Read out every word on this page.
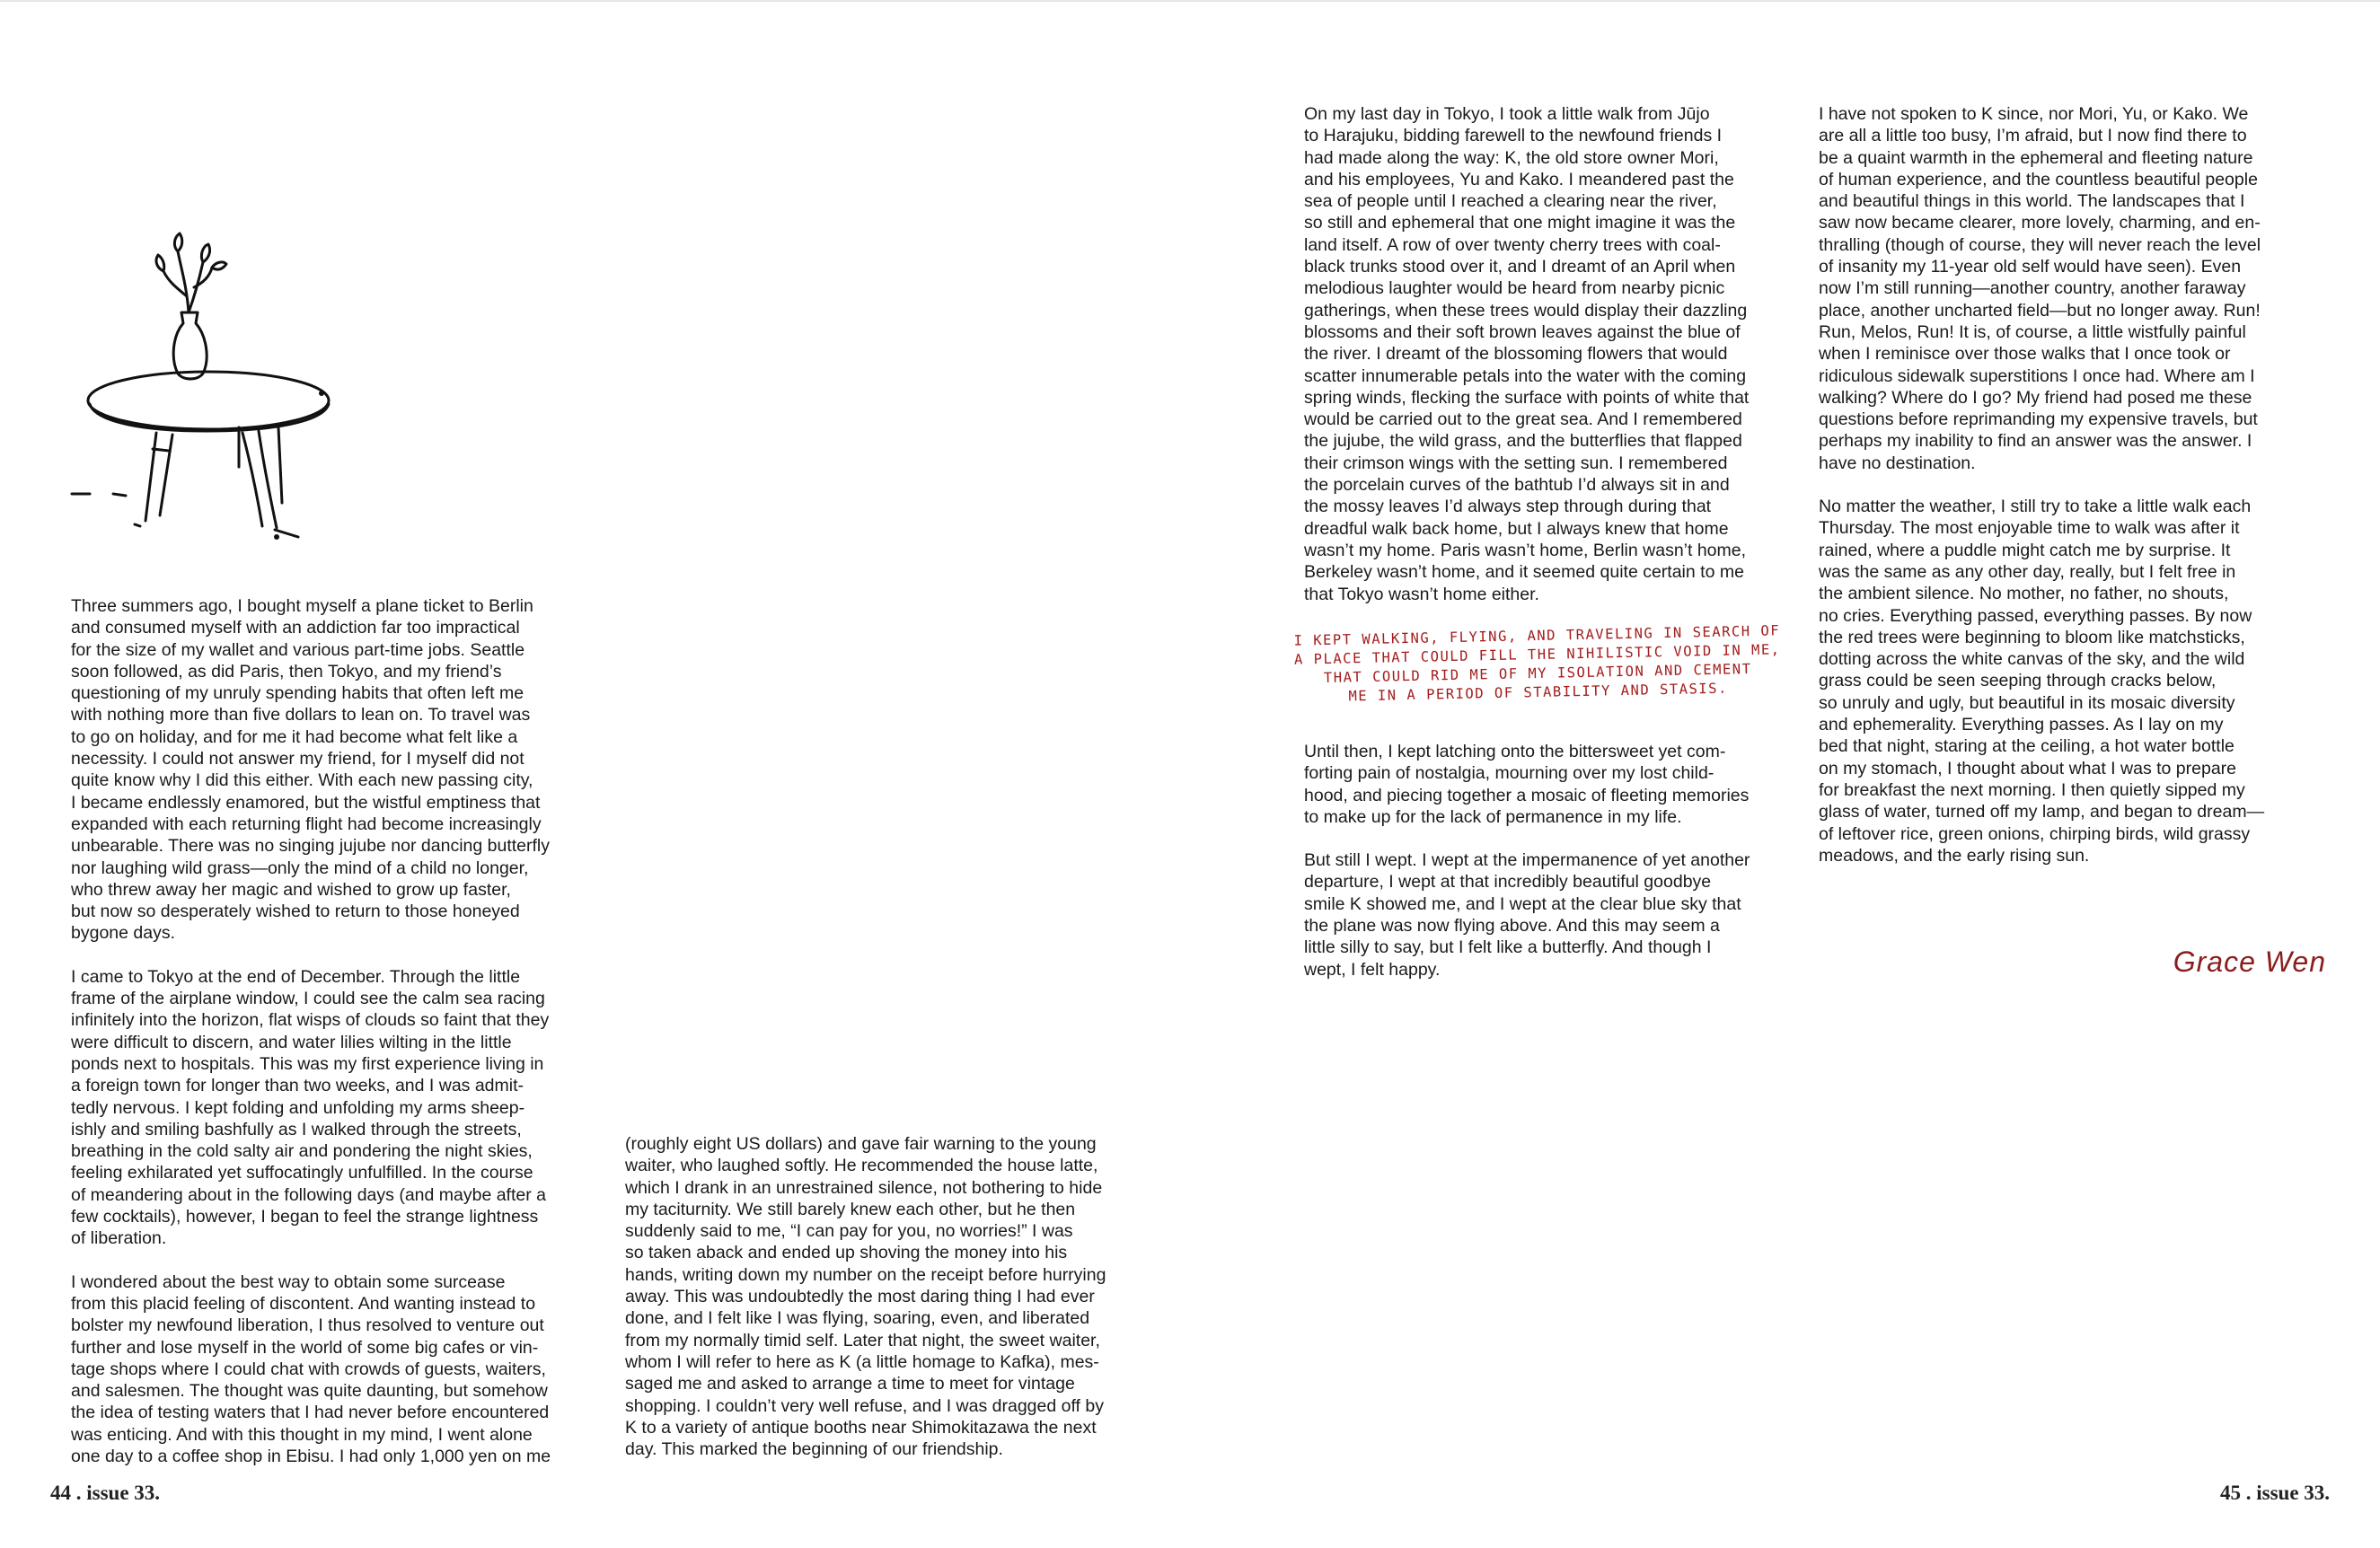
Three summers ago, I bought myself a plane ticket to Berlin
and consumed myself with an addiction far too impractical
for the size of my wallet and various part-time jobs. Seattle
soon followed, as did Paris, then Tokyo, and my friend’s
questioning of my unruly spending habits that often left me
with nothing more than five dollars to lean on. To travel was
to go on holiday, and for me it had become what felt like a
necessity. I could not answer my friend, for I myself did not
quite know why I did this either. With each new passing city,
I became endlessly enamored, but the wistful emptiness that
expanded with each returning flight had become increasingly
unbearable. There was no singing jujube nor dancing butterfly
nor laughing wild grass—only the mind of a child no longer,
who threw away her magic and wished to grow up faster,
but now so desperately wished to return to those honeyed
bygone days.

I came to Tokyo at the end of December. Through the little
frame of the airplane window, I could see the calm sea racing
infinitely into the horizon, flat wisps of clouds so faint that they
were difficult to discern, and water lilies wilting in the little
ponds next to hospitals. This was my first experience living in
a foreign town for longer than two weeks, and I was admit-
tedly nervous. I kept folding and unfolding my arms sheep-
ishly and smiling bashfully as I walked through the streets,
breathing in the cold salty air and pondering the night skies,
feeling exhilarated yet suffocatingly unfulfilled. In the course
of meandering about in the following days (and maybe after a
few cocktails), however, I began to feel the strange lightness
of liberation.

I wondered about the best way to obtain some surcease
from this placid feeling of discontent. And wanting instead to
bolster my newfound liberation, I thus resolved to venture out
further and lose myself in the world of some big cafes or vin-
tage shops where I could chat with crowds of guests, waiters,
and salesmen. The thought was quite daunting, but somehow
the idea of testing waters that I had never before encountered
was enticing. And with this thought in my mind, I went alone
one day to a coffee shop in Ebisu. I had only 1,000 yen on me

(roughly eight US dollars) and gave fair warning to the young
waiter, who laughed softly. He recommended the house latte,
which I drank in an unrestrained silence, not bothering to hide
my taciturnity. We still barely knew each other, but he then
suddenly said to me, “I can pay for you, no worries!” I was
so taken aback and ended up shoving the money into his
hands, writing down my number on the receipt before hurrying
away. This was undoubtedly the most daring thing I had ever
done, and I felt like I was flying, soaring, even, and liberated
from my normally timid self. Later that night, the sweet waiter,
whom I will refer to here as K (a little homage to Kafka), mes-
saged me and asked to arrange a time to meet for vintage
shopping. I couldn’t very well refuse, and I was dragged off by
K to a variety of antique booths near Shimokitazawa the next
day. This marked the beginning of our friendship.

On my last day in Tokyo, I took a little walk from Jūjo
to Harajuku, bidding farewell to the newfound friends I
had made along the way: K, the old store owner Mori,
and his employees, Yu and Kako. I meandered past the
sea of people until I reached a clearing near the river,
so still and ephemeral that one might imagine it was the
land itself. A row of over twenty cherry trees with coal-
black trunks stood over it, and I dreamt of an April when
melodious laughter would be heard from nearby picnic
gatherings, when these trees would display their dazzling
blossoms and their soft brown leaves against the blue of
the river. I dreamt of the blossoming flowers that would
scatter innumerable petals into the water with the coming
spring winds, flecking the surface with points of white that
would be carried out to the great sea. And I remembered
the jujube, the wild grass, and the butterflies that flapped
their crimson wings with the setting sun. I remembered
the porcelain curves of the bathtub I’d always sit in and
the mossy leaves I’d always step through during that
dreadful walk back home, but I always knew that home
wasn’t my home. Paris wasn’t home, Berlin wasn’t home,
Berkeley wasn’t home, and it seemed quite certain to me
that Tokyo wasn’t home either.

I KEPT WALKING, FLYING, AND TRAVELING IN SEARCH OF
A PLACE THAT COULD FILL THE NIHILISTIC VOID IN ME,
THAT COULD RID ME OF MY ISOLATION AND CEMENT
ME IN A PERIOD OF STABILITY AND STASIS.

Until then, I kept latching onto the bittersweet yet com-
forting pain of nostalgia, mourning over my lost child-
hood, and piecing together a mosaic of fleeting memories
to make up for the lack of permanence in my life.

But still I wept. I wept at the impermanence of yet another
departure, I wept at that incredibly beautiful goodbye
smile K showed me, and I wept at the clear blue sky that
the plane was now flying above. And this may seem a
little silly to say, but I felt like a butterfly. And though I
wept, I felt happy.

I have not spoken to K since, nor Mori, Yu, or Kako. We
are all a little too busy, I’m afraid, but I now find there to
be a quaint warmth in the ephemeral and fleeting nature
of human experience, and the countless beautiful people
and beautiful things in this world. The landscapes that I
saw now became clearer, more lovely, charming, and en-
thralling (though of course, they will never reach the level
of insanity my 11-year old self would have seen). Even
now I’m still running—another country, another faraway
place, another uncharted field—but no longer away. Run!
Run, Melos, Run! It is, of course, a little wistfully painful
when I reminisce over those walks that I once took or
ridiculous sidewalk superstitions I once had. Where am I
walking? Where do I go? My friend had posed me these
questions before reprimanding my expensive travels, but
perhaps my inability to find an answer was the answer. I
have no destination.

No matter the weather, I still try to take a little walk each
Thursday. The most enjoyable time to walk was after it
rained, where a puddle might catch me by surprise. It
was the same as any other day, really, but I felt free in
the ambient silence. No mother, no father, no shouts,
no cries. Everything passed, everything passes. By now
the red trees were beginning to bloom like matchsticks,
dotting across the white canvas of the sky, and the wild
grass could be seen seeping through cracks below,
so unruly and ugly, but beautiful in its mosaic diversity
and ephemerality. Everything passes. As I lay on my
bed that night, staring at the ceiling, a hot water bottle
on my stomach, I thought about what I was to prepare
for breakfast the next morning. I then quietly sipped my
glass of water, turned off my lamp, and began to dream—
of leftover rice, green onions, chirping birds, wild grassy
meadows, and the early rising sun.

Grace Wen
44 . issue 33.	45 . issue 33.
